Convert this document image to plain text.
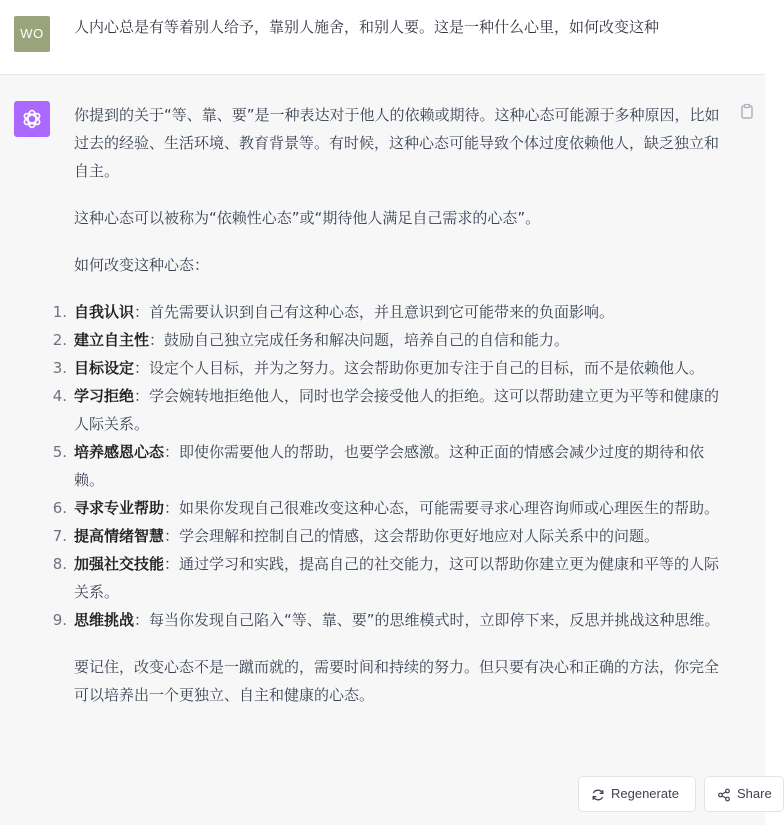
WO	人内心总是有等着别人给予，靠别人施舍，和别人要。这是一种什么心里，如何改变这种

你提到的关于“等、靠、要”是一种表达对于他人的依赖或期待。这种心态可能源于多种原因，比如过去的经验、生活环境、教育背景等。有时候，这种心态可能导致个体过度依赖他人，缺乏独立和自主。

这种心态可以被称为“依赖性心态”或“期待他人满足自己需求的心态”。

如何改变这种心态：

1. 自我认识：首先需要认识到自己有这种心态，并且意识到它可能带来的负面影响。
2. 建立自主性：鼓励自己独立完成任务和解决问题，培养自己的自信和能力。
3. 目标设定：设定个人目标，并为之努力。这会帮助你更加专注于自己的目标，而不是依赖他人。
4. 学习拒绝：学会婉转地拒绝他人，同时也学会接受他人的拒绝。这可以帮助建立更为平等和健康的人际关系。
5. 培养感恩心态：即使你需要他人的帮助，也要学会感激。这种正面的情感会减少过度的期待和依赖。
6. 寻求专业帮助：如果你发现自己很难改变这种心态，可能需要寻求心理咨询师或心理医生的帮助。
7. 提高情绪智慧：学会理解和控制自己的情感，这会帮助你更好地应对人际关系中的问题。
8. 加强社交技能：通过学习和实践，提高自己的社交能力，这可以帮助你建立更为健康和平等的人际关系。
9. 思维挑战：每当你发现自己陷入“等、靠、要”的思维模式时，立即停下来，反思并挑战这种思维。

要记住，改变心态不是一蹴而就的，需要时间和持续的努力。但只要有决心和正确的方法，你完全可以培养出一个更独立、自主和健康的心态。

Regenerate	Share
